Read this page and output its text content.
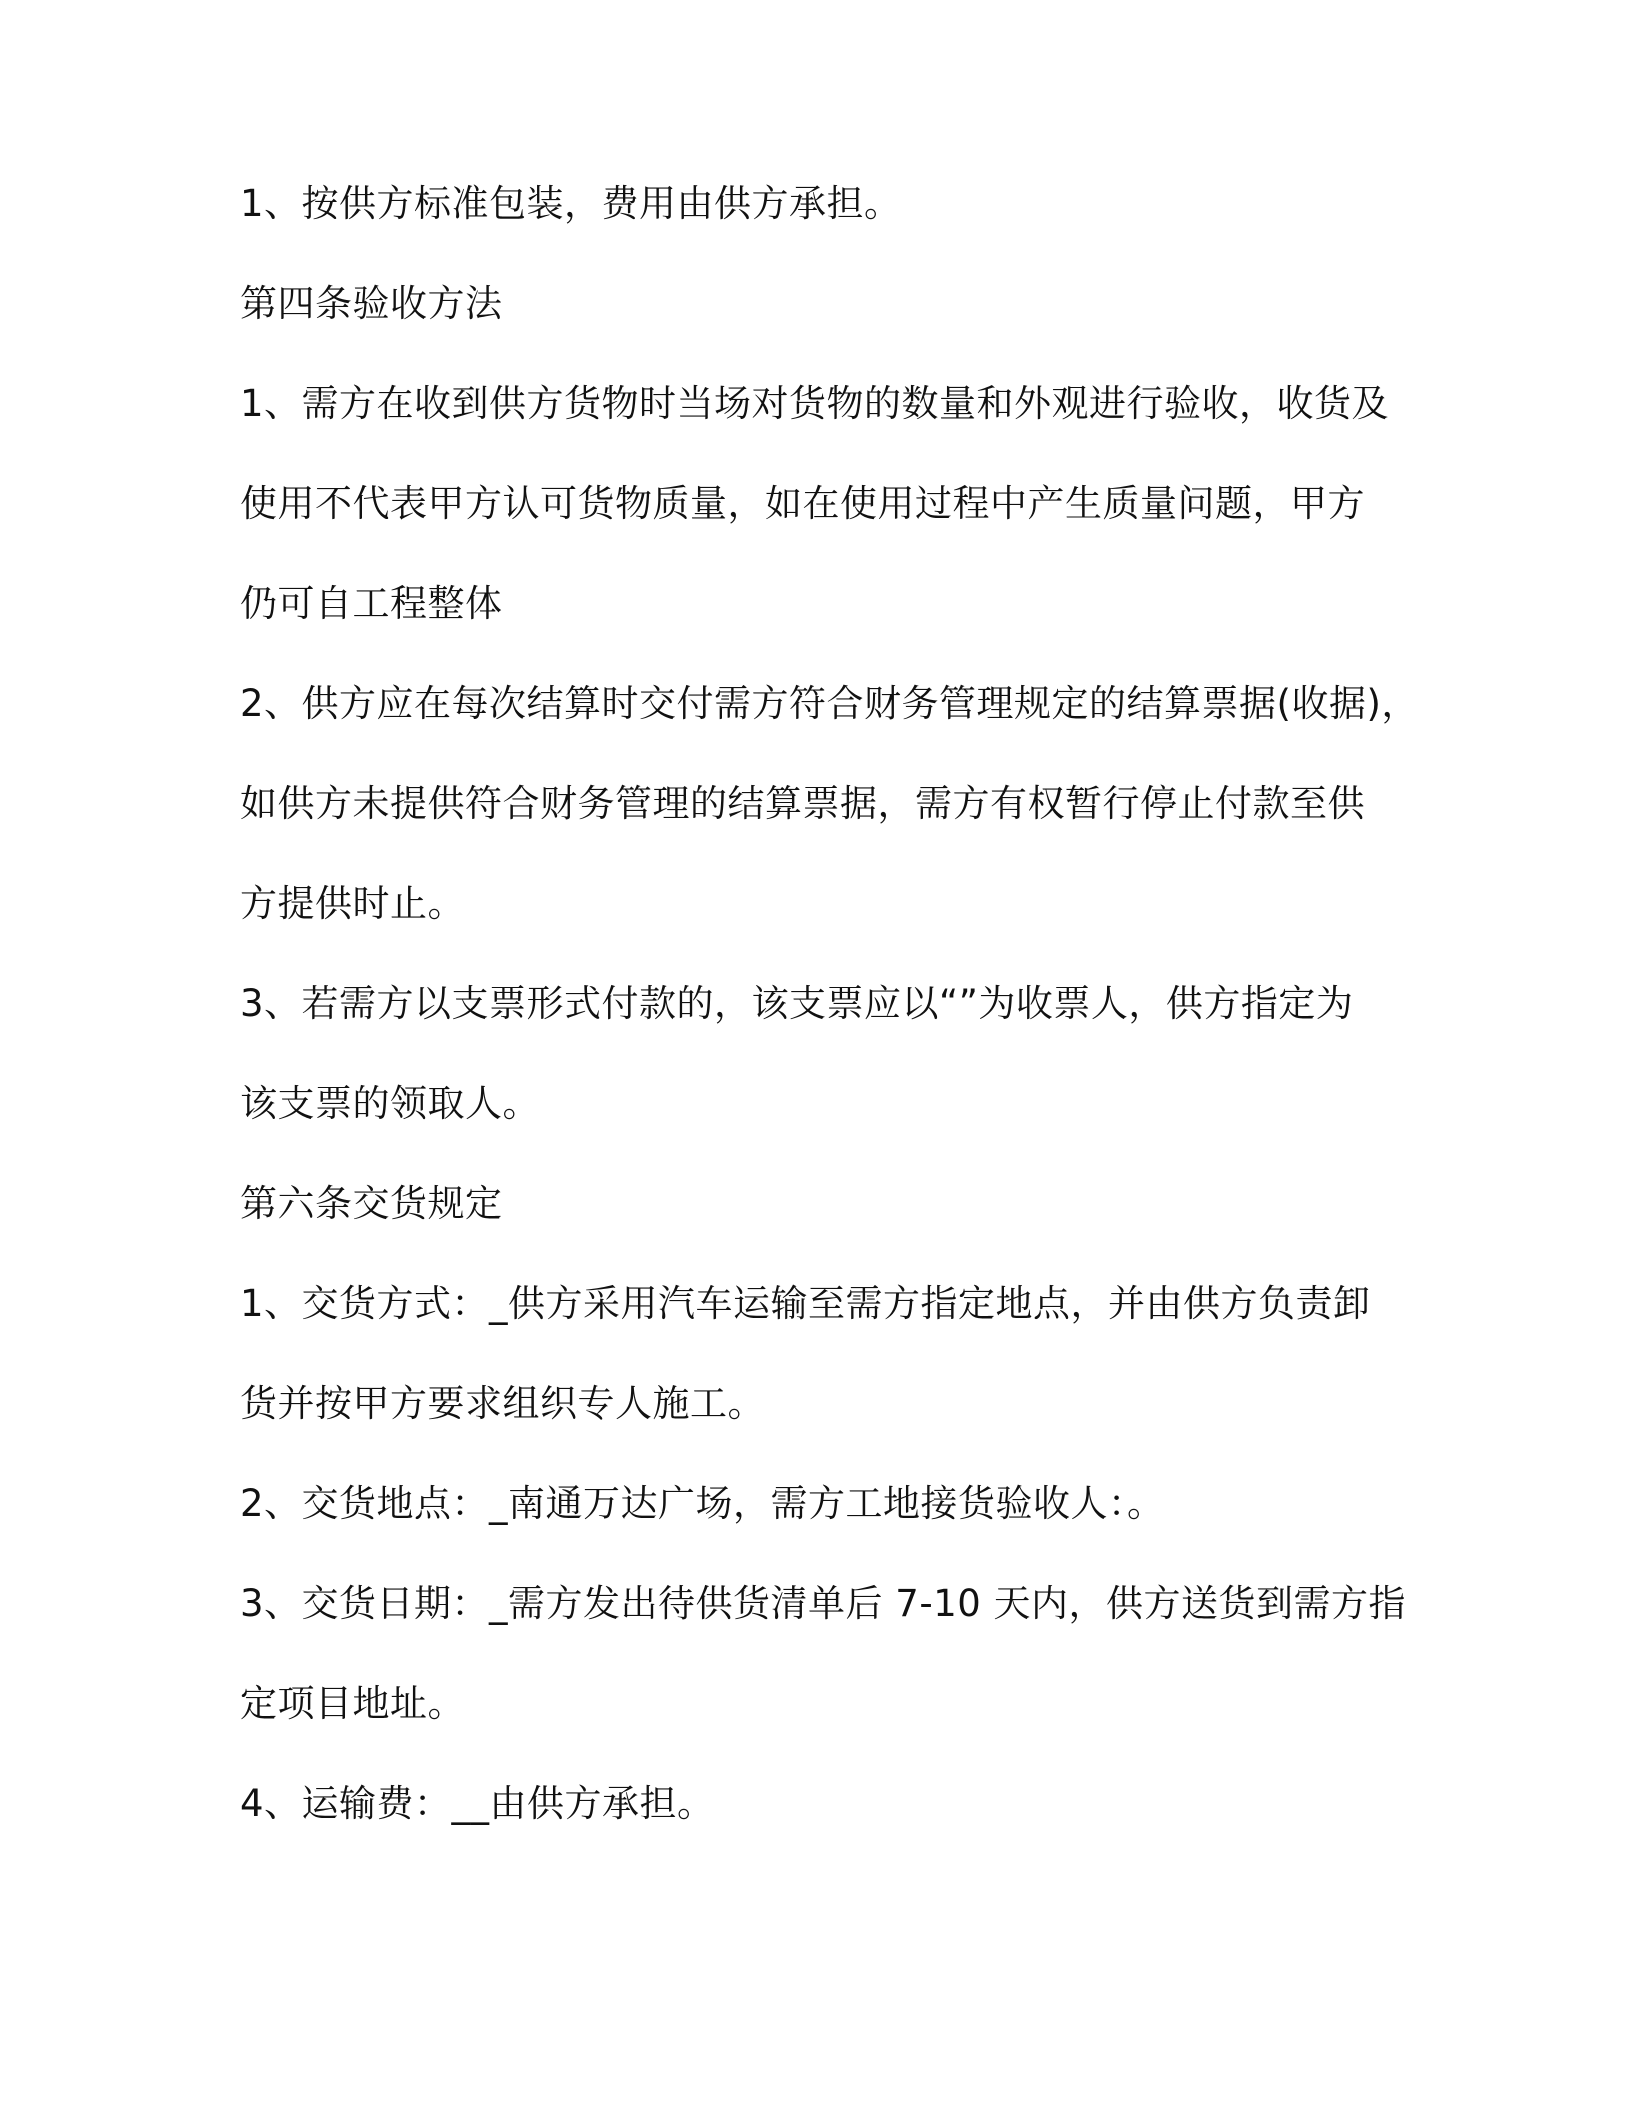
1、按供方标准包装，费用由供方承担。
第四条验收方法
1、需方在收到供方货物时当场对货物的数量和外观进行验收，收货及
使用不代表甲方认可货物质量，如在使用过程中产生质量问题，甲方
仍可自工程整体
2、供方应在每次结算时交付需方符合财务管理规定的结算票据(收据)，
如供方未提供符合财务管理的结算票据，需方有权暂行停止付款至供
方提供时止。
3、若需方以支票形式付款的，该支票应以“”为收票人，供方指定为
该支票的领取人。
第六条交货规定
1、交货方式：_供方采用汽车运输至需方指定地点，并由供方负责卸
货并按甲方要求组织专人施工。
2、交货地点：_南通万达广场，需方工地接货验收人：。
3、交货日期：_需方发出待供货清单后 7-10 天内，供方送货到需方指
定项目地址。
4、运输费：__由供方承担。
